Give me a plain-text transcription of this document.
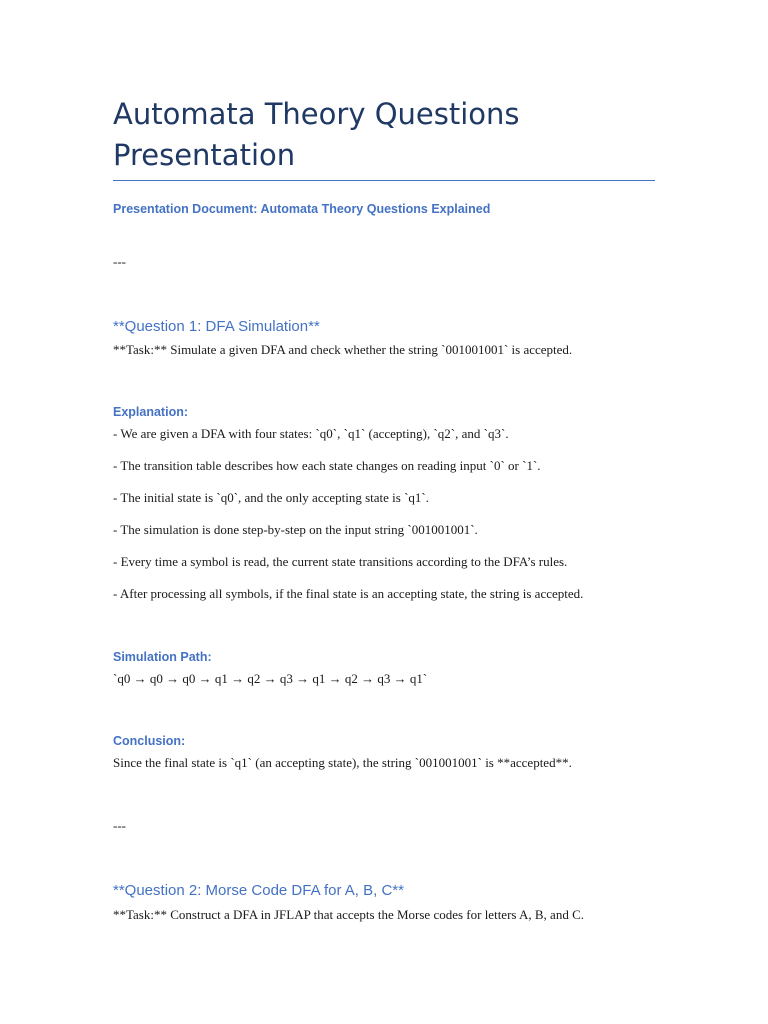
Automata Theory Questions Presentation
Presentation Document: Automata Theory Questions Explained
---
**Question 1: DFA Simulation**
**Task:** Simulate a given DFA and check whether the string `001001001` is accepted.
Explanation:
- We are given a DFA with four states: `q0`, `q1` (accepting), `q2`, and `q3`.
- The transition table describes how each state changes on reading input `0` or `1`.
- The initial state is `q0`, and the only accepting state is `q1`.
- The simulation is done step-by-step on the input string `001001001`.
- Every time a symbol is read, the current state transitions according to the DFA’s rules.
- After processing all symbols, if the final state is an accepting state, the string is accepted.
Simulation Path:
`q0 → q0 → q0 → q1 → q2 → q3 → q1 → q2 → q3 → q1`
Conclusion:
Since the final state is `q1` (an accepting state), the string `001001001` is **accepted**.
---
**Question 2: Morse Code DFA for A, B, C**
**Task:** Construct a DFA in JFLAP that accepts the Morse codes for letters A, B, and C.
